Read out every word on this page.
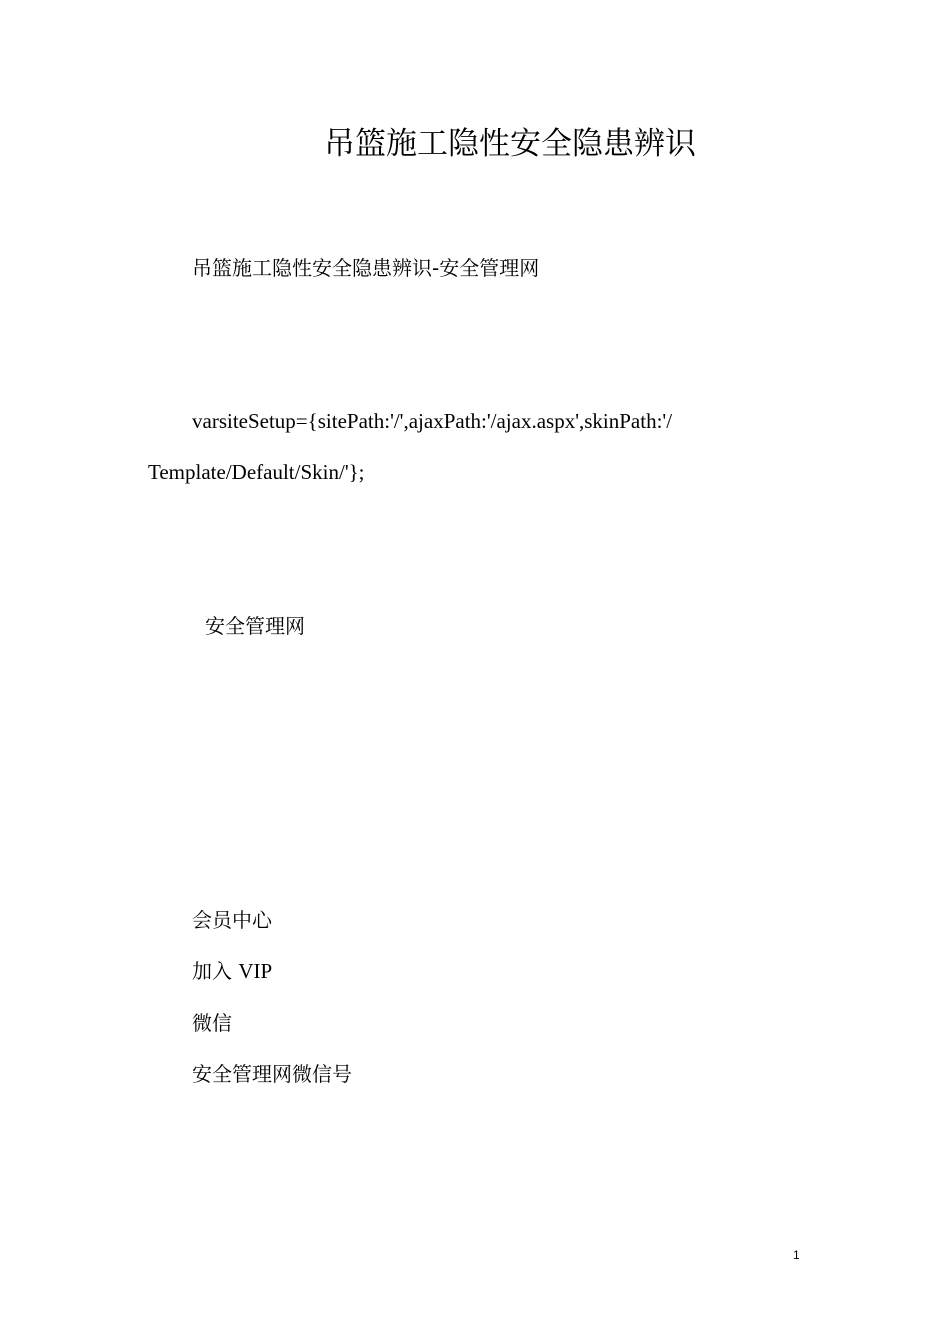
吊篮施工隐性安全隐患辨识
吊篮施工隐性安全隐患辨识-安全管理网
varsiteSetup={sitePath:'/',ajaxPath:'/ajax.aspx',skinPath:'/
Template/Default/Skin/'};
安全管理网
会员中心
加入 VIP
微信
安全管理网微信号
1
